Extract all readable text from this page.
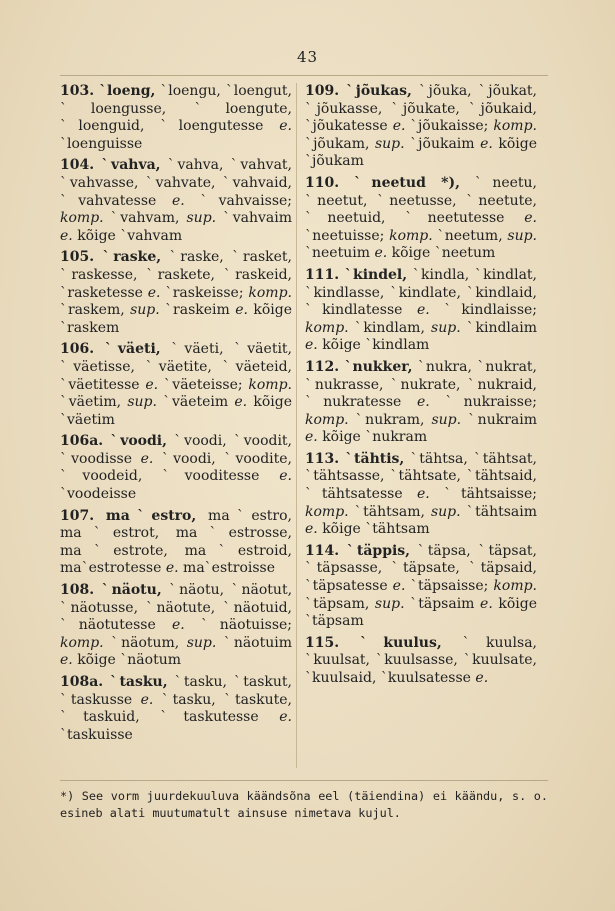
43

103. ˋloeng, ˋloengu, ˋloengut, ˋloengusse, ˋloengute, ˋloenguid, ˋloengutesse e. ˋloenguisse

104. ˋvahva, ˋvahva, ˋvahvat, ˋvahvasse, ˋvahvate, ˋvahvaid, ˋvahvatesse e. ˋvahvaisse; komp. ˋvahvam, sup. ˋvahvaim e. kõige ˋvahvam

105. ˋraske, ˋraske, ˋrasket, ˋraskesse, ˋraskete, ˋraskeid, ˋrasketesse e. ˋraskeisse; komp. ˋraskem, sup. ˋraskeim e. kõige ˋraskem

106. ˋväeti, ˋväeti, ˋväetit, ˋväetisse, ˋväetite, ˋväeteid, ˋväetitesse e. ˋväeteisse; komp. ˋväetim, sup. ˋväeteim e. kõige ˋväetim

106a. ˋvoodi, ˋvoodi, ˋvoodit, ˋvoodisse e. ˋvoodi, ˋvoodite, ˋvoodeid, ˋvooditesse e. ˋvoodeisse

107. maˋestro, maˋestro, maˋestrot, maˋestrosse, maˋestrote, maˋestroid, maˋestrotesse e. maˋestroisse

108. ˋnäotu, ˋnäotu, ˋnäotut, ˋnäotusse, ˋnäotute, ˋnäotuid, ˋnäotutesse e. ˋnäotuisse; komp. ˋnäotum, sup. ˋnäotuim e. kõige ˋnäotum

108a. ˋtasku, ˋtasku, ˋtaskut, ˋtaskusse e. ˋtasku, ˋtaskute, ˋtaskuid, ˋtaskutesse e. ˋtaskuisse

109. ˋjõukas, ˋjõuka, ˋjõukat, ˋjõukasse, ˋjõukate, ˋjõukaid, ˋjõukatesse e. ˋjõukaisse; komp. ˋjõukam, sup. ˋjõukaim e. kõige ˋjõukam

110. ˋneetud *), ˋneetu, ˋneetut, ˋneetusse, ˋneetute, ˋneetuid, ˋneetutesse e. ˋneetuisse; komp. ˋneetum, sup. ˋneetuim e. kõige ˋneetum

111. ˋkindel, ˋkindla, ˋkindlat, ˋkindlasse, ˋkindlate, ˋkindlaid, ˋkindlatesse e. ˋkindlaisse; komp. ˋkindlam, sup. ˋkindlaim e. kõige ˋkindlam

112. ˋnukker, ˋnukra, ˋnukrat, ˋnukrasse, ˋnukrate, ˋnukraid, ˋnukratesse e. ˋnukraisse; komp. ˋnukram, sup. ˋnukraim e. kõige ˋnukram

113. ˋtähtis, ˋtähtsa, ˋtähtsat, ˋtähtsasse, ˋtähtsate, ˋtähtsaid, ˋtähtsatesse e. ˋtähtsaisse; komp. ˋtähtsam, sup. ˋtähtsaim e. kõige ˋtähtsam

114. ˋtäppis, ˋtäpsa, ˋtäpsat, ˋtäpsasse, ˋtäpsate, ˋtäpsaid, ˋtäpsatesse e. ˋtäpsaisse; komp. ˋtäpsam, sup. ˋtäpsaim e. kõige ˋtäpsam

115. ˋkuulus, ˋkuulsa, ˋkuulsat, ˋkuulsasse, ˋkuulsate, ˋkuulsaid, ˋkuulsatesse e.

*) See vorm juurdekuuluva käändsõna eel (täiendina) ei käändu, s. o. esineb alati muutumatult ainsuse nimetava kujul.
